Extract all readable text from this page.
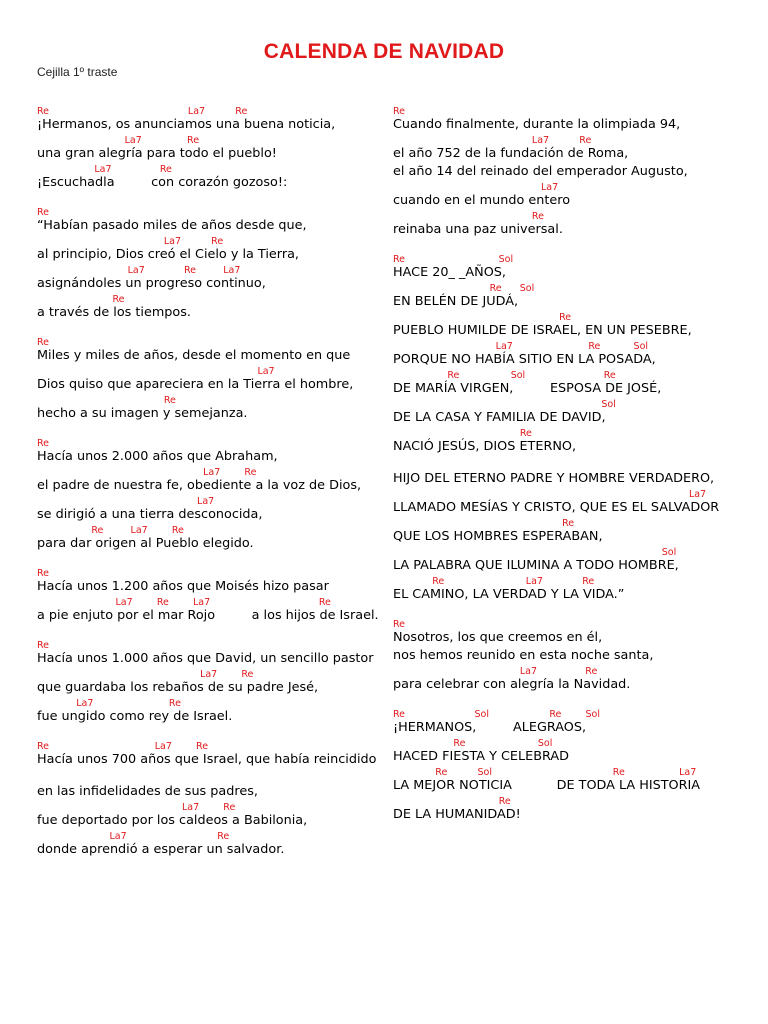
CALENDA DE NAVIDAD
Cejilla 1º traste
Re                                              La7          Re
¡Hermanos, os anunciamos una buena noticia,
La7               Re
una gran alegría para todo el pueblo!
La7                Re
¡Escuchadla         con corazón gozoso!:
Re
“Habían pasado miles de años desde que,
La7          Re
al principio, Dios creó el Cielo y la Tierra,
La7             Re         La7
asignándoles un progreso continuo,
Re
a través de los tiempos.
Re
Miles y miles de años, desde el momento en que
La7
Dios quiso que apareciera en la Tierra el hombre,
Re
hecho a su imagen y semejanza.
Re
Hacía unos 2.000 años que Abraham,
La7        Re
el padre de nuestra fe, obediente a la voz de Dios,
La7
se dirigió a una tierra desconocida,
Re         La7        Re
para dar origen al Pueblo elegido.
Re
Hacía unos 1.200 años que Moisés hizo pasar
La7        Re        La7                                    Re
a pie enjuto por el mar Rojo         a los hijos de Israel.
Re
Hacía unos 1.000 años que David, un sencillo pastor
La7        Re
que guardaba los rebaños de su padre Jesé,
La7                         Re
fue ungido como rey de Israel.
Re                                   La7        Re
Hacía unos 700 años que Israel, que había reincidido
en las infidelidades de sus padres,
La7        Re
fue deportado por los caldeos a Babilonia,
La7                              Re
donde aprendió a esperar un salvador.
Re
Cuando finalmente, durante la olimpiada 94,
La7          Re
el año 752 de la fundación de Roma,
el año 14 del reinado del emperador Augusto,
La7
cuando en el mundo entero
Re
reinaba una paz universal.
Re                               Sol
HACE 20_ _AÑOS,
Re      Sol
EN BELÉN DE JUDÁ,
Re
PUEBLO HUMILDE DE ISRAEL, EN UN PESEBRE,
La7                         Re           Sol
PORQUE NO HABÍA SITIO EN LA POSADA,
Re                 Sol                          Re
DE MARÍA VIRGEN,         ESPOSA DE JOSÉ,
Sol
DE LA CASA Y FAMILIA DE DAVID,
Re
NACIÓ JESÚS, DIOS ETERNO,
HIJO DEL ETERNO PADRE Y HOMBRE VERDADERO,
La7
LLAMADO MESÍAS Y CRISTO, QUE ES EL SALVADOR
Re
QUE LOS HOMBRES ESPERABAN,
Sol
LA PALABRA QUE ILUMINA A TODO HOMBRE,
Re                           La7             Re
EL CAMINO, LA VERDAD Y LA VIDA.”
Re
Nosotros, los que creemos en él,
nos hemos reunido en esta noche santa,
La7                Re
para celebrar con alegría la Navidad.
Re                       Sol                    Re        Sol
¡HERMANOS,         ALEGRAOS,
Re                        Sol
HACED FIESTA Y CELEBRAD
Re          Sol                                        Re                  La7
LA MEJOR NOTICIA           DE TODA LA HISTORIA
Re
DE LA HUMANIDAD!
